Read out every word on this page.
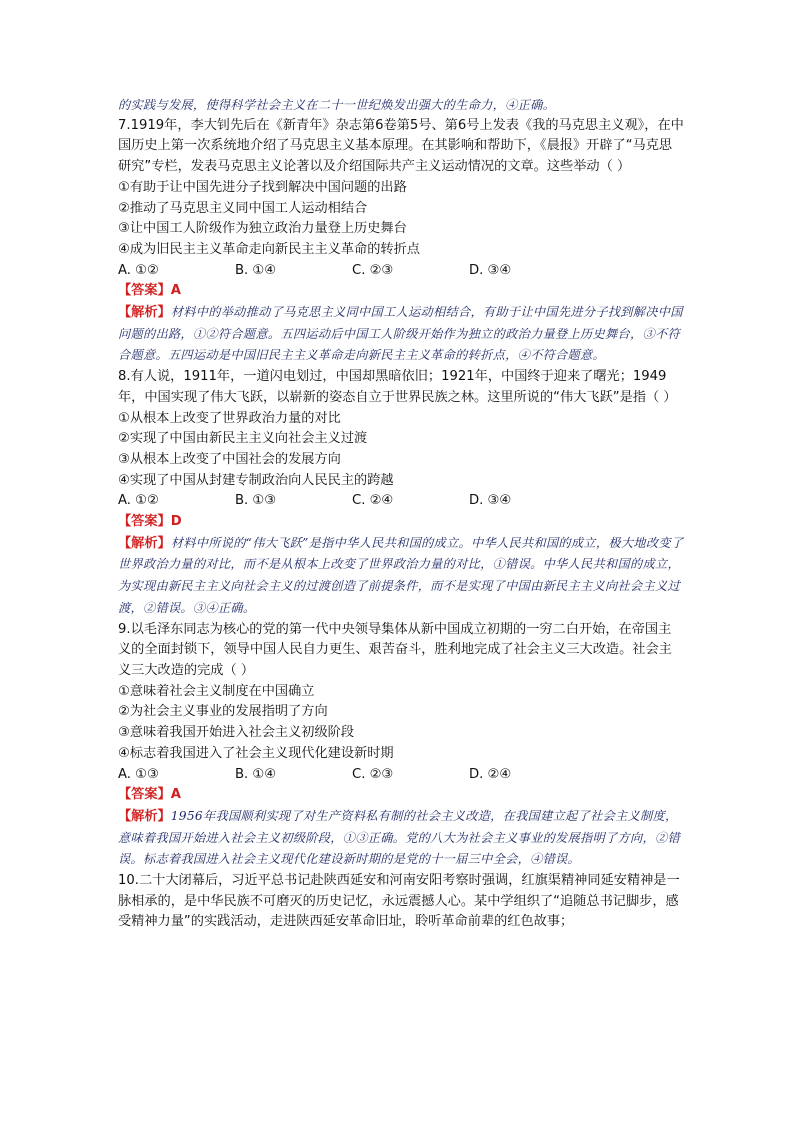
的实践与发展，使得科学社会主义在二十一世纪焕发出强大的生命力，④正确。

7.1919年，李大钊先后在《新青年》杂志第6卷第5号、第6号上发表《我的马克思主义观》，在中国历史上第一次系统地介绍了马克思主义基本原理。在其影响和帮助下，《晨报》开辟了“马克思研究”专栏，发表马克思主义论著以及介绍国际共产主义运动情况的文章。这些举动（ ）

①有助于让中国先进分子找到解决中国问题的出路

②推动了马克思主义同中国工人运动相结合

③让中国工人阶级作为独立政治力量登上历史舞台

④成为旧民主主义革命走向新民主主义革命的转折点

A. ①②	B. ①④	C. ②③	D. ③④

【答案】A

【解析】材料中的举动推动了马克思主义同中国工人运动相结合，有助于让中国先进分子找到解决中国问题的出路，①②符合题意。五四运动后中国工人阶级开始作为独立的政治力量登上历史舞台，③不符合题意。五四运动是中国旧民主主义革命走向新民主主义革命的转折点，④不符合题意。

8.有人说，1911年，一道闪电划过，中国却黑暗依旧；1921年，中国终于迎来了曙光；1949年，中国实现了伟大飞跃，以崭新的姿态自立于世界民族之林。这里所说的“伟大飞跃”是指（ ）

①从根本上改变了世界政治力量的对比

②实现了中国由新民主主义向社会主义过渡

③从根本上改变了中国社会的发展方向

④实现了中国从封建专制政治向人民民主的跨越

A. ①②	B. ①③	C. ②④	D. ③④

【答案】D

【解析】材料中所说的“伟大飞跃”是指中华人民共和国的成立。中华人民共和国的成立，极大地改变了世界政治力量的对比，而不是从根本上改变了世界政治力量的对比，①错误。中华人民共和国的成立，为实现由新民主主义向社会主义的过渡创造了前提条件，而不是实现了中国由新民主主义向社会主义过渡，②错误。③④正确。

9.以毛泽东同志为核心的党的第一代中央领导集体从新中国成立初期的一穷二白开始，在帝国主义的全面封锁下，领导中国人民自力更生、艰苦奋斗，胜利地完成了社会主义三大改造。社会主义三大改造的完成（ ）

①意味着社会主义制度在中国确立

②为社会主义事业的发展指明了方向

③意味着我国开始进入社会主义初级阶段

④标志着我国进入了社会主义现代化建设新时期

A. ①③	B. ①④	C. ②③	D. ②④

【答案】A

【解析】1956年我国顺利实现了对生产资料私有制的社会主义改造，在我国建立起了社会主义制度，意味着我国开始进入社会主义初级阶段，①③正确。党的八大为社会主义事业的发展指明了方向，②错误。标志着我国进入社会主义现代化建设新时期的是党的十一届三中全会，④错误。

10.二十大闭幕后，习近平总书记赴陕西延安和河南安阳考察时强调，红旗渠精神同延安精神是一脉相承的，是中华民族不可磨灭的历史记忆，永远震撼人心。某中学组织了“追随总书记脚步，感受精神力量”的实践活动，走进陕西延安革命旧址，聆听革命前辈的红色故事；
